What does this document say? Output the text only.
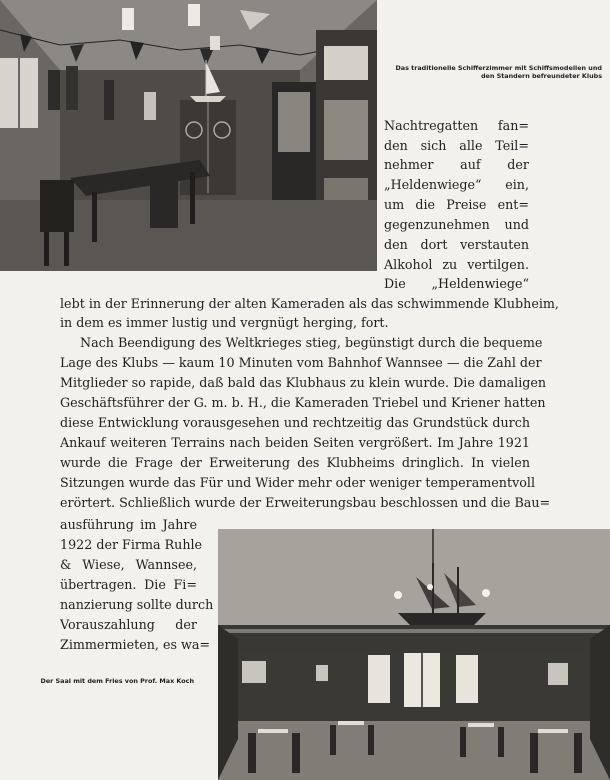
Das traditionelle Schifferzimmer mit Schiffsmodellen und den Standern befreundeter Klubs

Nachtregatten fan=

den sich alle Teil=

nehmer auf der

„Heldenwiege“ ein,

um die Preise ent=

gegenzunehmen und

den dort verstauten

Alkohol zu vertilgen.

Die „Heldenwiege“

lebt in der Erinnerung der alten Kameraden als das schwimmende Klubheim,

in dem es immer lustig und vergnügt herging, fort.

Nach Beendigung des Weltkrieges stieg, begünstigt durch die bequeme

Lage des Klubs — kaum 10 Minuten vom Bahnhof Wannsee — die Zahl der

Mitglieder so rapide, daß bald das Klubhaus zu klein wurde. Die damaligen

Geschäftsführer der G. m. b. H., die Kameraden Triebel und Kriener hatten

diese Entwicklung vorausgesehen und rechtzeitig das Grundstück durch

Ankauf weiteren Terrains nach beiden Seiten vergrößert. Im Jahre 1921

wurde die Frage der Erweiterung des Klubheims dringlich. In vielen

Sitzungen wurde das Für und Wider mehr oder weniger temperamentvoll

erörtert. Schließlich wurde der Erweiterungsbau beschlossen und die Bau=

ausführung im Jahre

1922 der Firma Ruhle

& Wiese, Wannsee,

übertragen. Die Fi=

nanzierung sollte durch

Vorauszahlung der

Zimmermieten, es wa=

Der Saal mit dem Fries von Prof. Max Koch
